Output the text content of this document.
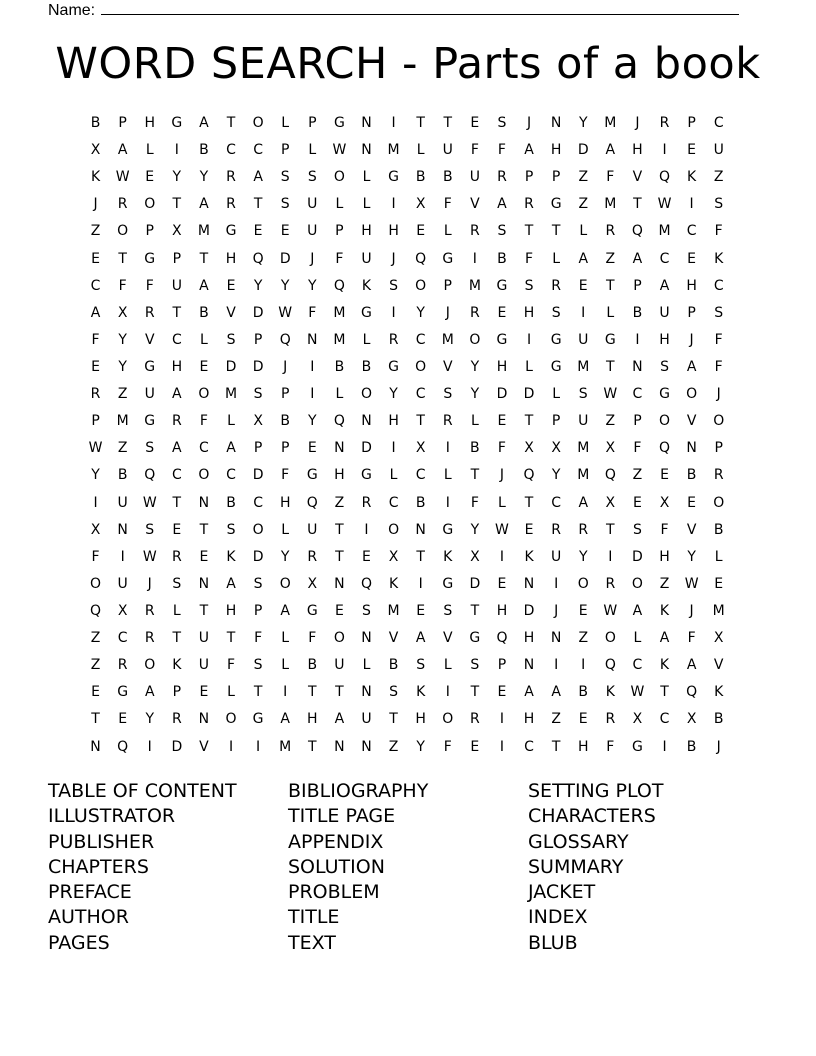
Name:
WORD SEARCH - Parts of a book
B	P	H	G	A	T	O	L	P	G	N	I	T	T	E	S	J	N	Y	M	J	R	P	C
X	A	L	I	B	C	C	P	L	W	N	M	L	U	F	F	A	H	D	A	H	I	E	U
K	W	E	Y	Y	R	A	S	S	O	L	G	B	B	U	R	P	P	Z	F	V	Q	K	Z
J	R	O	T	A	R	T	S	U	L	L	I	X	F	V	A	R	G	Z	M	T	W	I	S
Z	O	P	X	M	G	E	E	U	P	H	H	E	L	R	S	T	T	L	R	Q	M	C	F
E	T	G	P	T	H	Q	D	J	F	U	J	Q	G	I	B	F	L	A	Z	A	C	E	K
C	F	F	U	A	E	Y	Y	Y	Q	K	S	O	P	M	G	S	R	E	T	P	A	H	C
A	X	R	T	B	V	D	W	F	M	G	I	Y	J	R	E	H	S	I	L	B	U	P	S
F	Y	V	C	L	S	P	Q	N	M	L	R	C	M	O	G	I	G	U	G	I	H	J	F
E	Y	G	H	E	D	D	J	I	B	B	G	O	V	Y	H	L	G	M	T	N	S	A	F
R	Z	U	A	O	M	S	P	I	L	O	Y	C	S	Y	D	D	L	S	W	C	G	O	J
P	M	G	R	F	L	X	B	Y	Q	N	H	T	R	L	E	T	P	U	Z	P	O	V	O
W	Z	S	A	C	A	P	P	E	N	D	I	X	I	B	F	X	X	M	X	F	Q	N	P
Y	B	Q	C	O	C	D	F	G	H	G	L	C	L	T	J	Q	Y	M	Q	Z	E	B	R
I	U	W	T	N	B	C	H	Q	Z	R	C	B	I	F	L	T	C	A	X	E	X	E	O
X	N	S	E	T	S	O	L	U	T	I	O	N	G	Y	W	E	R	R	T	S	F	V	B
F	I	W	R	E	K	D	Y	R	T	E	X	T	K	X	I	K	U	Y	I	D	H	Y	L
O	U	J	S	N	A	S	O	X	N	Q	K	I	G	D	E	N	I	O	R	O	Z	W	E
Q	X	R	L	T	H	P	A	G	E	S	M	E	S	T	H	D	J	E	W	A	K	J	M
Z	C	R	T	U	T	F	L	F	O	N	V	A	V	G	Q	H	N	Z	O	L	A	F	X
Z	R	O	K	U	F	S	L	B	U	L	B	S	L	S	P	N	I	I	Q	C	K	A	V
E	G	A	P	E	L	T	I	T	T	N	S	K	I	T	E	A	A	B	K	W	T	Q	K
T	E	Y	R	N	O	G	A	H	A	U	T	H	O	R	I	H	Z	E	R	X	C	X	B
N	Q	I	D	V	I	I	M	T	N	N	Z	Y	F	E	I	C	T	H	F	G	I	B	J
TABLE OF CONTENT
ILLUSTRATOR
PUBLISHER
CHAPTERS
PREFACE
AUTHOR
PAGES
BIBLIOGRAPHY
TITLE PAGE
APPENDIX
SOLUTION
PROBLEM
TITLE
TEXT
SETTING PLOT
CHARACTERS
GLOSSARY
SUMMARY
JACKET
INDEX
BLUB
